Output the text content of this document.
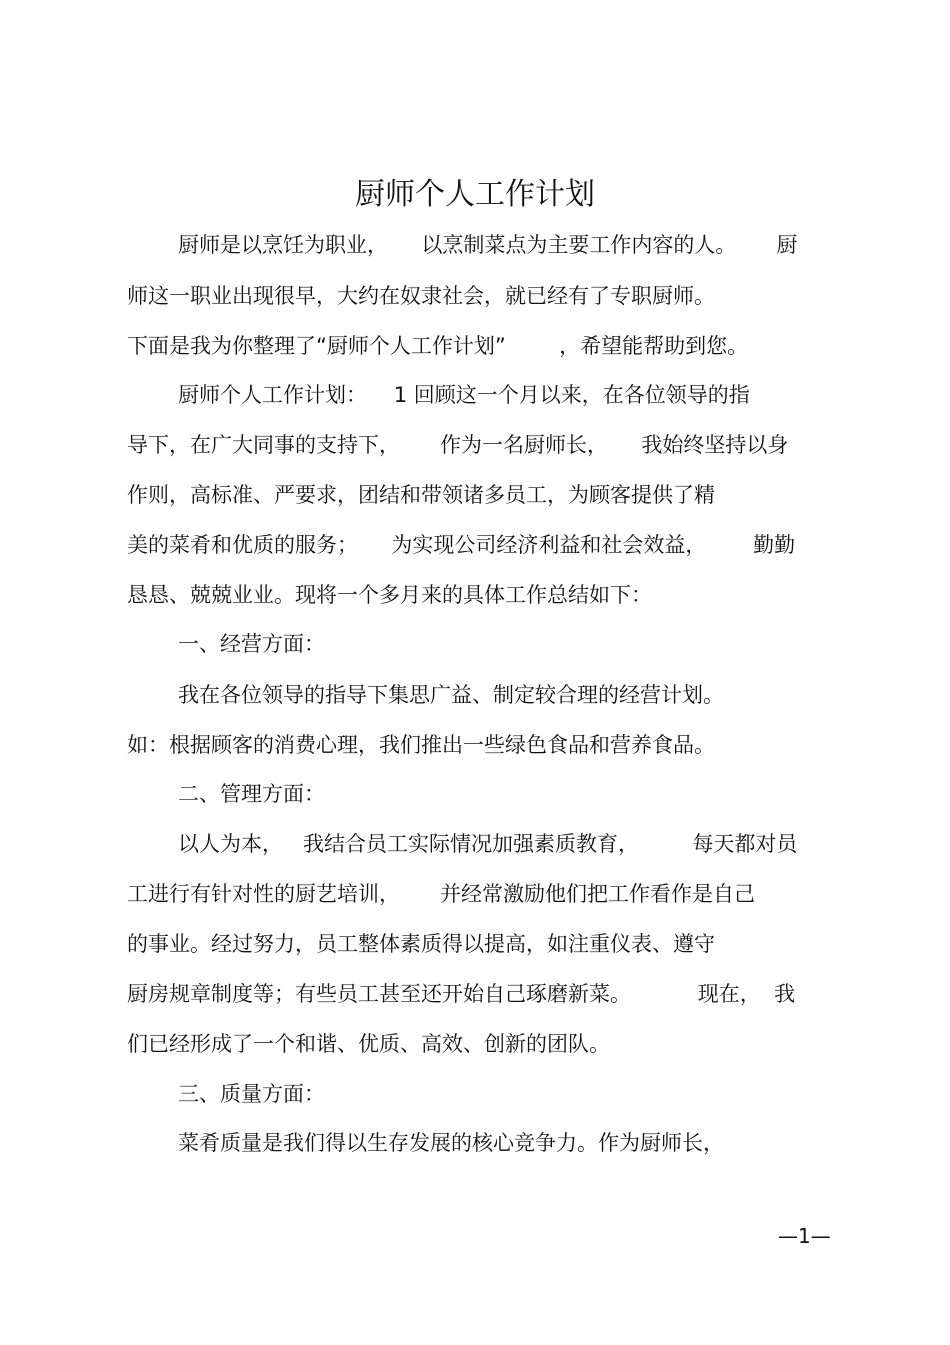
厨师个人工作计划

厨师是以烹饪为职业，     以烹制菜点为主要工作内容的人。      厨

师这一职业出现很早，大约在奴隶社会，就已经有了专职厨师。

下面是我为你整理了“厨师个人工作计划”        ，希望能帮助到您。

厨师个人工作计划：    1 回顾这一个月以来，在各位领导的指

导下，在广大同事的支持下，      作为一名厨师长，     我始终坚持以身

作则，高标准、严要求，团结和带领诸多员工，为顾客提供了精

美的菜肴和优质的服务；     为实现公司经济利益和社会效益，       勤勤

恳恳、兢兢业业。现将一个多月来的具体工作总结如下：

一、经营方面：

我在各位领导的指导下集思广益、制定较合理的经营计划。

如：根据顾客的消费心理，我们推出一些绿色食品和营养食品。

二、管理方面：

以人为本，   我结合员工实际情况加强素质教育，        每天都对员

工进行有针对性的厨艺培训，      并经常激励他们把工作看作是自己

的事业。经过努力，员工整体素质得以提高，如注重仪表、遵守

厨房规章制度等；有些员工甚至还开始自己琢磨新菜。          现在，  我

们已经形成了一个和谐、优质、高效、创新的团队。

三、质量方面：

菜肴质量是我们得以生存发展的核心竞争力。作为厨师长，

—1—
